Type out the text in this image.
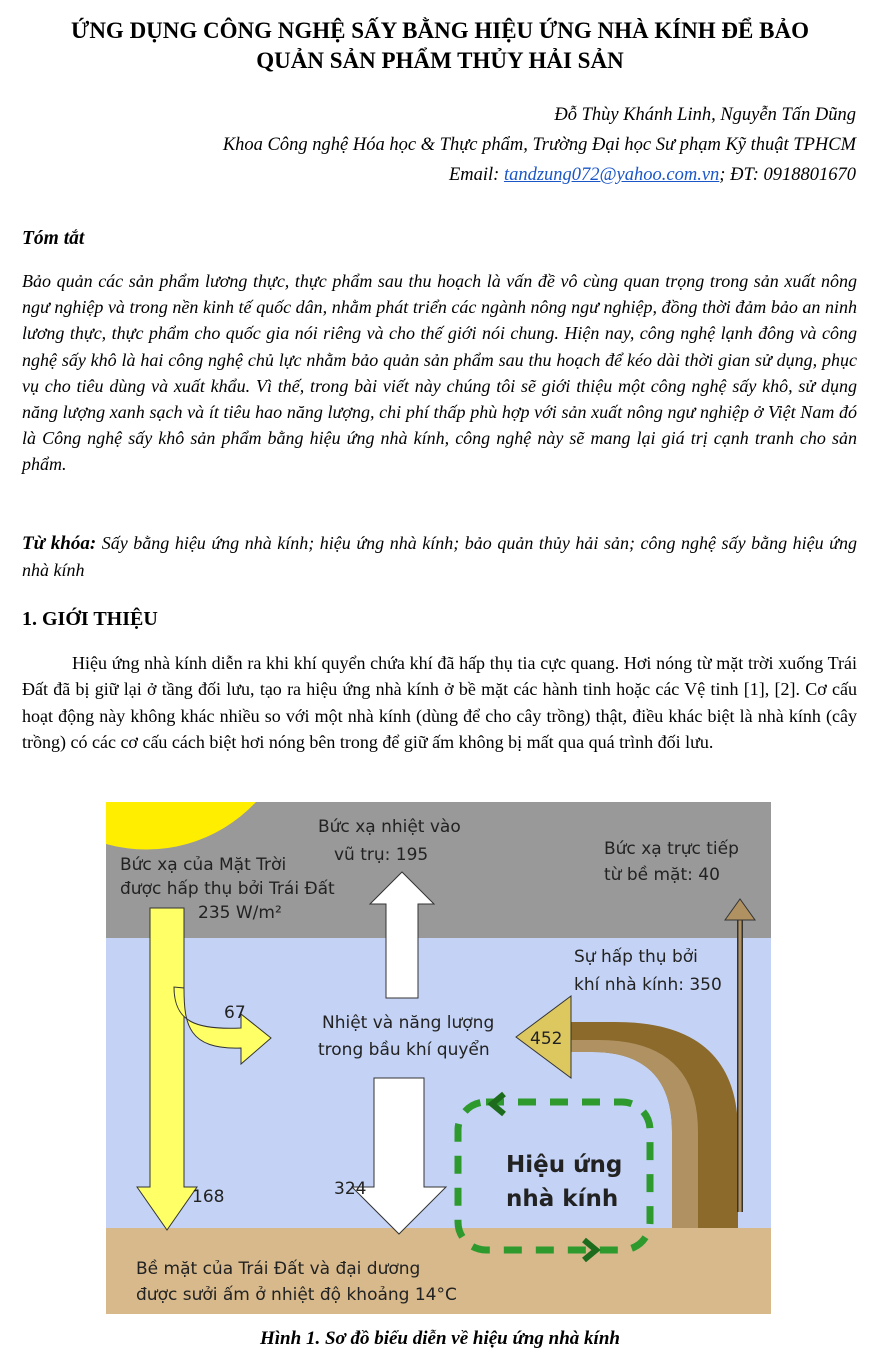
ỨNG DỤNG CÔNG NGHỆ SẤY BẰNG HIỆU ỨNG NHÀ KÍNH ĐỂ BẢO
QUẢN SẢN PHẨM THỦY HẢI SẢN
Đỗ Thùy Khánh Linh, Nguyễn Tấn Dũng
Khoa Công nghệ Hóa học & Thực phẩm, Trường Đại học Sư phạm Kỹ thuật TPHCM
Email: tandzung072@yahoo.com.vn; ĐT: 0918801670
Tóm tắt
Bảo quản các sản phẩm lương thực, thực phẩm sau thu hoạch là vấn đề vô cùng quan trọng trong sản xuất nông ngư nghiệp và trong nền kinh tế quốc dân, nhằm phát triển các ngành nông ngư nghiệp, đồng thời đảm bảo an ninh lương thực, thực phẩm cho quốc gia nói riêng và cho thế giới nói chung. Hiện nay, công nghệ lạnh đông và công nghệ sấy khô là hai công nghệ chủ lực nhằm bảo quản sản phẩm sau thu hoạch để kéo dài thời gian sử dụng, phục vụ cho tiêu dùng và xuất khẩu. Vì thế, trong bài viết này chúng tôi sẽ giới thiệu một công nghệ sấy khô, sử dụng năng lượng xanh sạch và ít tiêu hao năng lượng, chi phí thấp phù hợp với sản xuất nông ngư nghiệp ở Việt Nam đó là Công nghệ sấy khô sản phẩm bằng hiệu ứng nhà kính, công nghệ này sẽ mang lại giá trị cạnh tranh cho sản phẩm.
Từ khóa: Sấy bằng hiệu ứng nhà kính; hiệu ứng nhà kính; bảo quản thủy hải sản; công nghệ sấy bằng hiệu ứng nhà kính
1. GIỚI THIỆU
Hiệu ứng nhà kính diễn ra khi khí quyển chứa khí đã hấp thụ tia cực quang. Hơi nóng từ mặt trời xuống Trái Đất đã bị giữ lại ở tầng đối lưu, tạo ra hiệu ứng nhà kính ở bề mặt các hành tinh hoặc các Vệ tinh [1], [2]. Cơ cấu hoạt động này không khác nhiều so với một nhà kính (dùng để cho cây trồng) thật, điều khác biệt là nhà kính (cây trồng) có các cơ cấu cách biệt hơi nóng bên trong để giữ ấm không bị mất qua quá trình đối lưu.
Bức xạ của Mặt Trời
được hấp thụ bởi Trái Đất
235 W/m²
Bức xạ nhiệt vào
vũ trụ: 195	Bức xạ trực tiếp
từ bề mặt: 40
Sự hấp thụ bởi
khí nhà kính: 350
Nhiệt và năng lượng
trong bầu khí quyển
67
452
168	324
Hiệu ứng
nhà kính
Bề mặt của Trái Đất và đại dương
được sưởi ấm ở nhiệt độ khoảng 14°C
Hình 1. Sơ đồ biểu diễn về hiệu ứng nhà kính
